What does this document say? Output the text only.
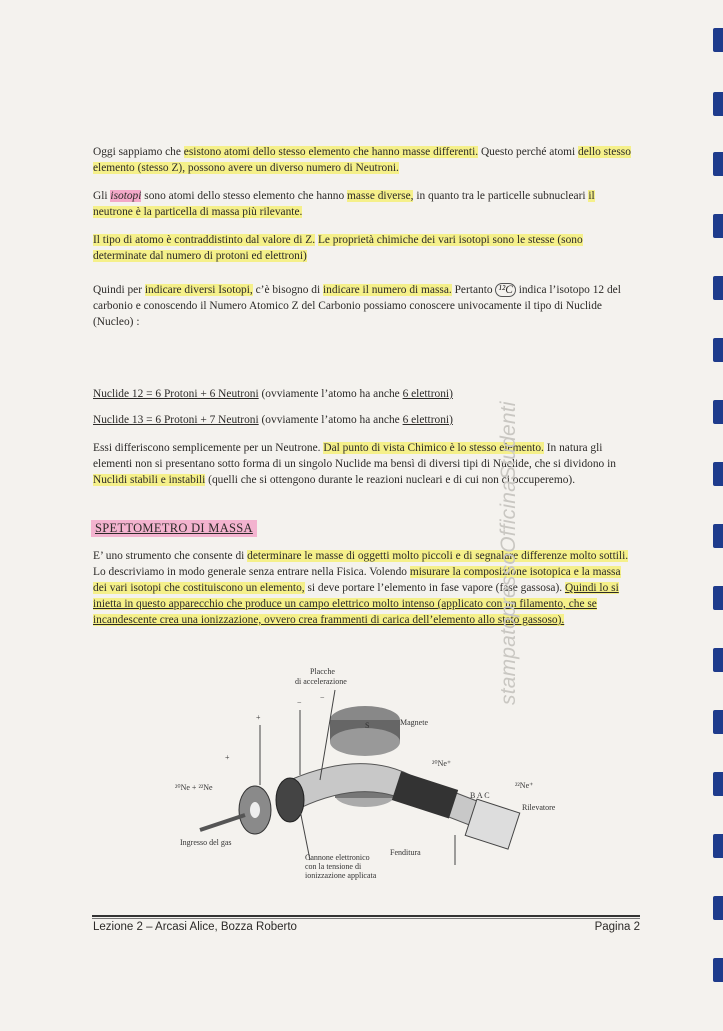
Oggi sappiamo che esistono atomi dello stesso elemento che hanno masse differenti. Questo perché atomi dello stesso elemento (stesso Z), possono avere un diverso numero di Neutroni.
Gli isotopi sono atomi dello stesso elemento che hanno masse diverse, in quanto tra le particelle subnucleari il neutrone è la particella di massa più rilevante.
Il tipo di atomo è contraddistinto dal valore di Z. Le proprietà chimiche dei vari isotopi sono le stesse (sono determinate dal numero di protoni ed elettroni)
Quindi per indicare diversi Isotopi, c’è bisogno di indicare il numero di massa. Pertanto ¹²C indica l’isotopo 12 del carbonio e conoscendo il Numero Atomico Z del Carbonio possiamo conoscere univocamente il tipo di Nuclide (Nucleo) :
Nuclide 12 = 6 Protoni + 6 Neutroni (ovviamente l’atomo ha anche 6 elettroni)
Nuclide 13 = 6 Protoni + 7 Neutroni (ovviamente l’atomo ha anche 6 elettroni)
Essi differiscono semplicemente per un Neutrone. Dal punto di vista Chimico è lo stesso elemento. In natura gli elementi non si presentano sotto forma di un singolo Nuclide ma bensì di diversi tipi di Nuclide, che si dividono in Nuclidi stabili e instabili (quelli che si ottengono durante le reazioni nucleari e di cui non ci occuperemo).
SPETTOMETRO DI MASSA
E’ uno strumento che consente di determinare le masse di oggetti molto piccoli e di segnalare differenze molto sottili. Lo descriviamo in modo generale senza entrare nella Fisica. Volendo misurare la composizione isotopica e la massa dei vari isotopi che costituiscono un elemento, si deve portare l’elemento in fase vapore (fase gassosa). Quindi lo si inietta in questo apparecchio che produce un campo elettrico molto intenso (applicato con un filamento, che se incandescente crea una ionizzazione, ovvero crea frammenti di carica dell’elemento allo stato gassoso).
Placche
di accelerazione
Magnete
S
²⁰Ne⁺
²²Ne⁺
B A C
Rilevatore
²⁰Ne + ²²Ne
Ingresso del gas
Fenditura
Cannone elettronico
con la tensione di
ionizzazione applicata
+
−
+
−
Lezione 2 – Arcasi Alice, Bozza Roberto	Pagina 2
stampatopressoOfficinaStudenti
